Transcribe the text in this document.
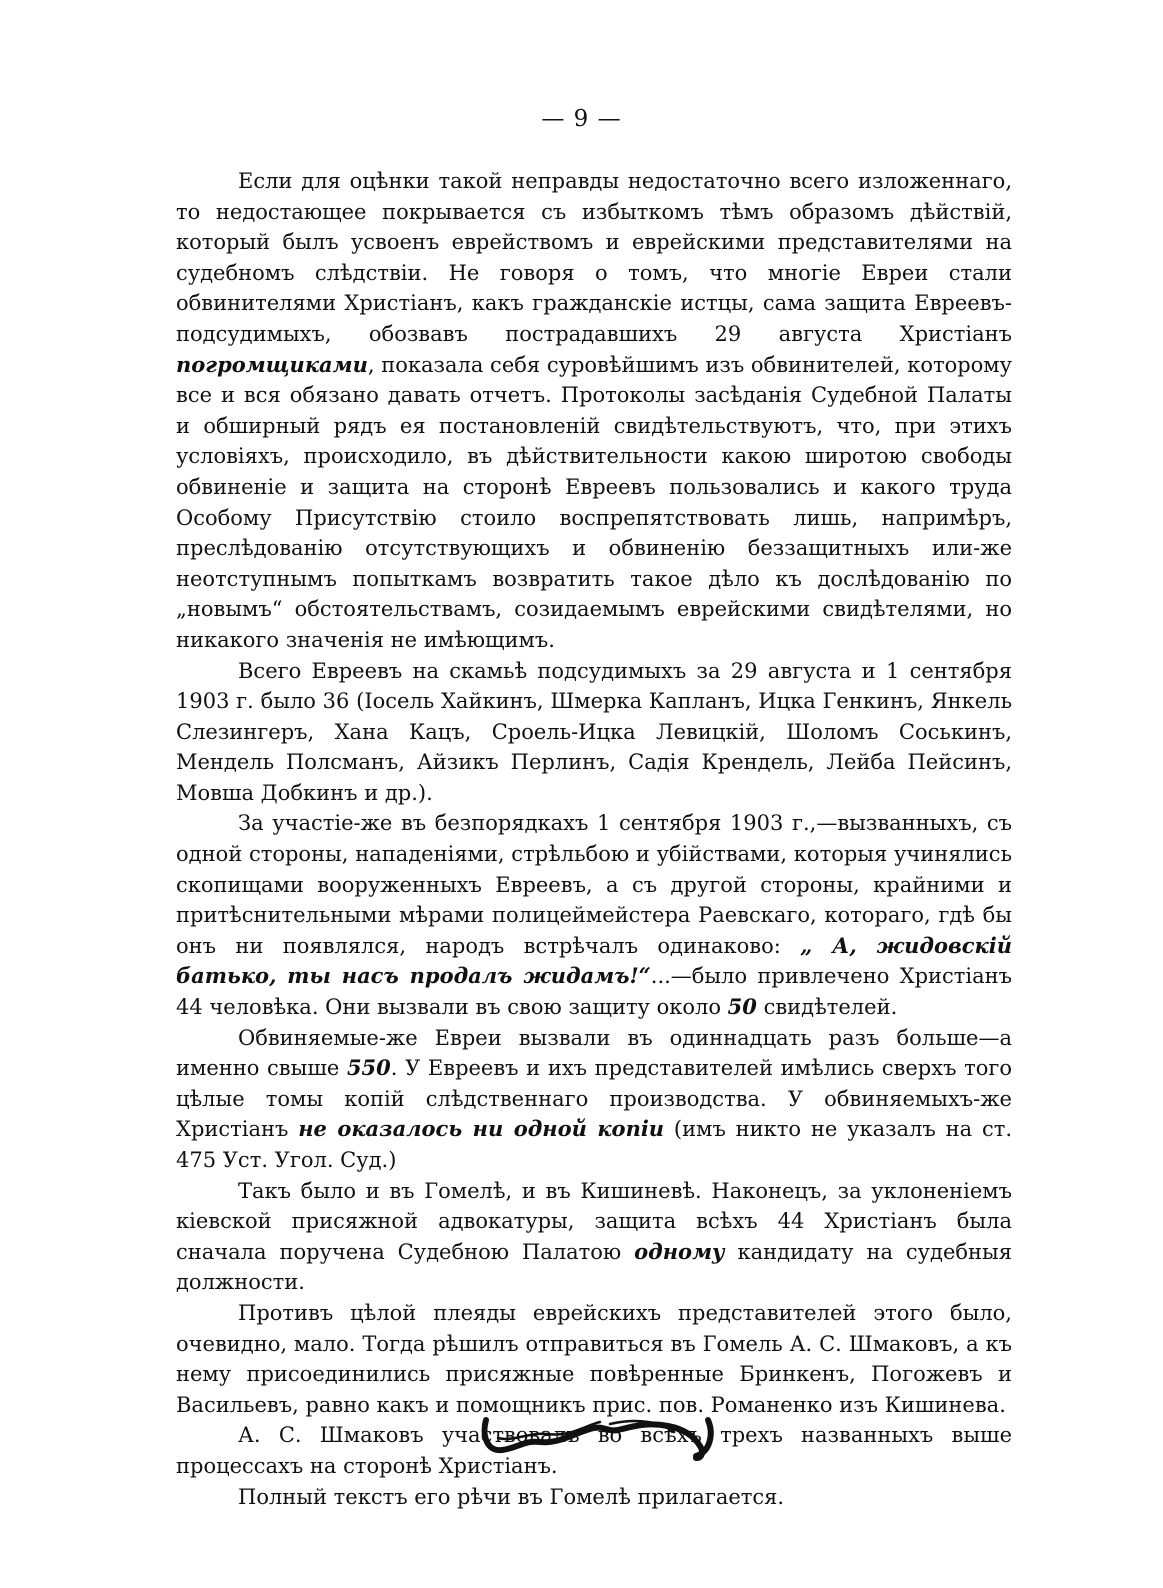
— 9 —

Если для оцѣнки такой неправды недостаточно всего изложеннаго, то недостающее покрывается съ избыткомъ тѣмъ образомъ дѣйствій, который былъ усвоенъ еврействомъ и еврейскими представителями на судебномъ слѣдствіи. Не говоря о томъ, что многіе Евреи стали обвинителями Христіанъ, какъ гражданскіе истцы, сама защита Евреевъ-подсудимыхъ, обозвавъ пострадавшихъ 29 августа Христіанъ погромщиками, показала себя суровѣйшимъ изъ обвинителей, которому все и вся обязано давать отчетъ. Протоколы засѣданія Судебной Палаты и обширный рядъ ея постановленій свидѣтельствуютъ, что, при этихъ условіяхъ, происходило, въ дѣйствительности какою широтою свободы обвиненіе и защита на сторонѣ Евреевъ пользовались и какого труда Особому Присутствію стоило воспрепятствовать лишь, напримѣръ, преслѣдованію отсутствующихъ и обвиненію беззащитныхъ или-же неотступнымъ попыткамъ возвратить такое дѣло къ дослѣдованію по „новымъ“ обстоятельствамъ, созидаемымъ еврейскими свидѣтелями, но никакого значенія не имѣющимъ.

Всего Евреевъ на скамьѣ подсудимыхъ за 29 августа и 1 сентября 1903 г. было 36 (Іосель Хайкинъ, Шмерка Капланъ, Ицка Генкинъ, Янкель Слезингеръ, Хана Кацъ, Сроель-Ицка Левицкій, Шоломъ Соськинъ, Мендель Полсманъ, Айзикъ Перлинъ, Садія Крендель, Лейба Пейсинъ, Мовша Добкинъ и др.).

За участіе-же въ безпорядкахъ 1 сентября 1903 г.,—вызванныхъ, съ одной стороны, нападеніями, стрѣльбою и убійствами, которыя учинялись скопищами вооруженныхъ Евреевъ, а съ другой стороны, крайними и притѣснительными мѣрами полицеймейстера Раевскаго, котораго, гдѣ бы онъ ни появлялся, народъ встрѣчалъ одинаково: „ А, жидовскій батько, ты насъ продалъ жидамъ!“...—было привлечено Христіанъ 44 человѣка. Они вызвали въ свою защиту около 50 свидѣтелей.

Обвиняемые-же Евреи вызвали въ одиннадцать разъ больше—а именно свыше 550. У Евреевъ и ихъ представителей имѣлись сверхъ того цѣлые томы копій слѣдственнаго производства. У обвиняемыхъ-же Христіанъ не оказалось ни одной копіи (имъ никто не указалъ на ст. 475 Уст. Угол. Суд.)

Такъ было и въ Гомелѣ, и въ Кишиневѣ. Наконецъ, за уклоненіемъ кіевской присяжной адвокатуры, защита всѣхъ 44 Христіанъ была сначала поручена Судебною Палатою одному кандидату на судебныя должности.

Противъ цѣлой плеяды еврейскихъ представителей этого было, очевидно, мало. Тогда рѣшилъ отправиться въ Гомель А. С. Шмаковъ, а къ нему присоединились присяжные повѣренные Бринкенъ, Погожевъ и Васильевъ, равно какъ и помощникъ прис. пов. Романенко изъ Кишинева.

А. С. Шмаковъ участвовалъ во всѣхъ трехъ названныхъ выше процессахъ на сторонѣ Христіанъ.

Полный текстъ его рѣчи въ Гомелѣ прилагается.
